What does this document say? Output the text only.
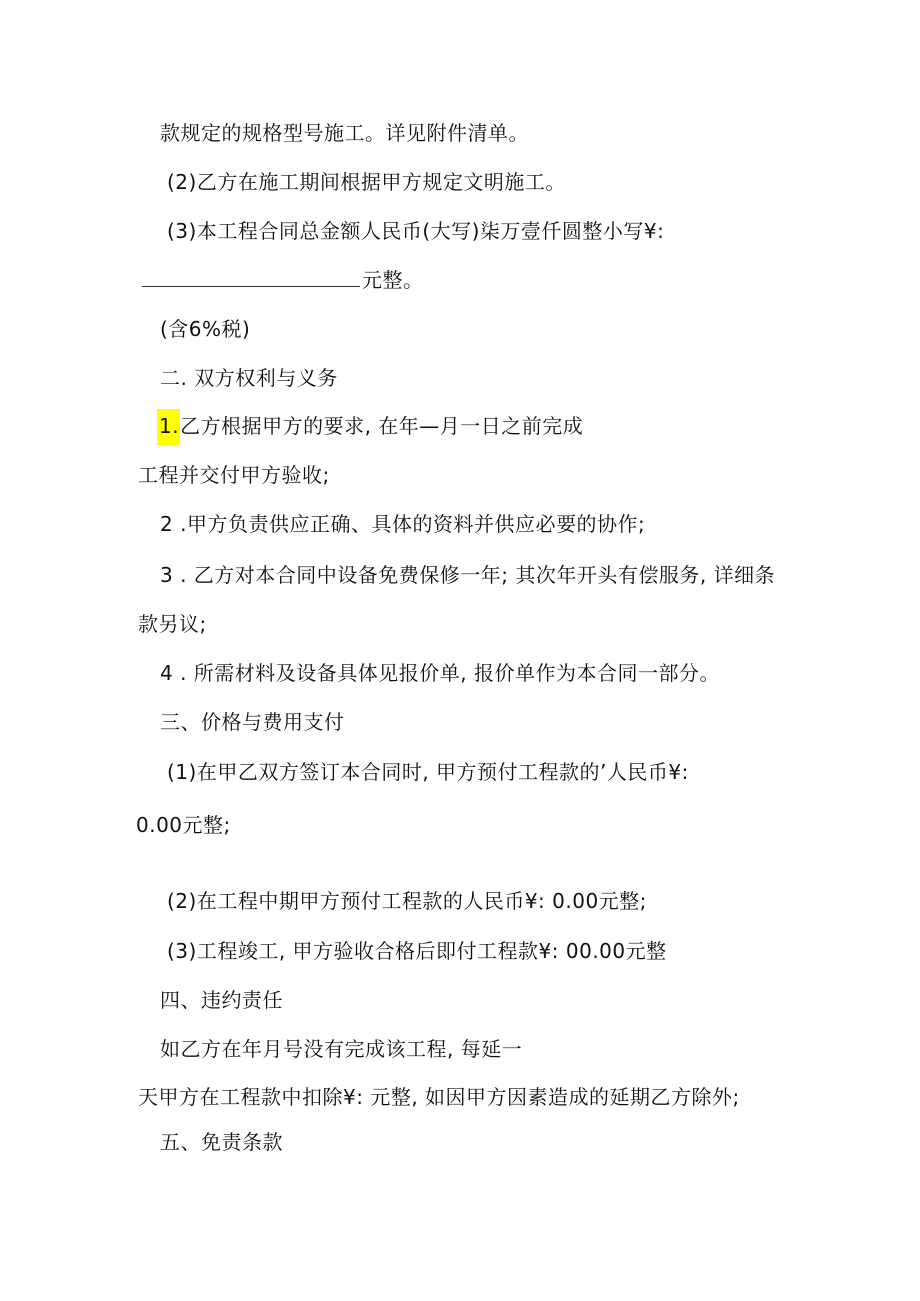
款规定的规格型号施工。详见附件清单。
(2)乙方在施工期间根据甲方规定文明施工。
(3)本工程合同总金额人民币(大写)柒万壹仟圆整小写¥:
元整。
(含6%税)
二. 双方权利与义务
1.乙方根据甲方的要求, 在年—月一日之前完成
工程并交付甲方验收;
2 .甲方负责供应正确、具体的资料并供应必要的协作;
3 . 乙方对本合同中设备免费保修一年; 其次年开头有偿服务, 详细条
款另议;
4 . 所需材料及设备具体见报价单, 报价单作为本合同一部分。
三、价格与费用支付
(1)在甲乙双方签订本合同时, 甲方预付工程款的’人民币¥:
0.00元整;
(2)在工程中期甲方预付工程款的人民币¥: 0.00元整;
(3)工程竣工, 甲方验收合格后即付工程款¥: 00.00元整
四、违约责任
如乙方在年月号没有完成该工程, 每延一
天甲方在工程款中扣除¥: 元整, 如因甲方因素造成的延期乙方除外;
五、免责条款
